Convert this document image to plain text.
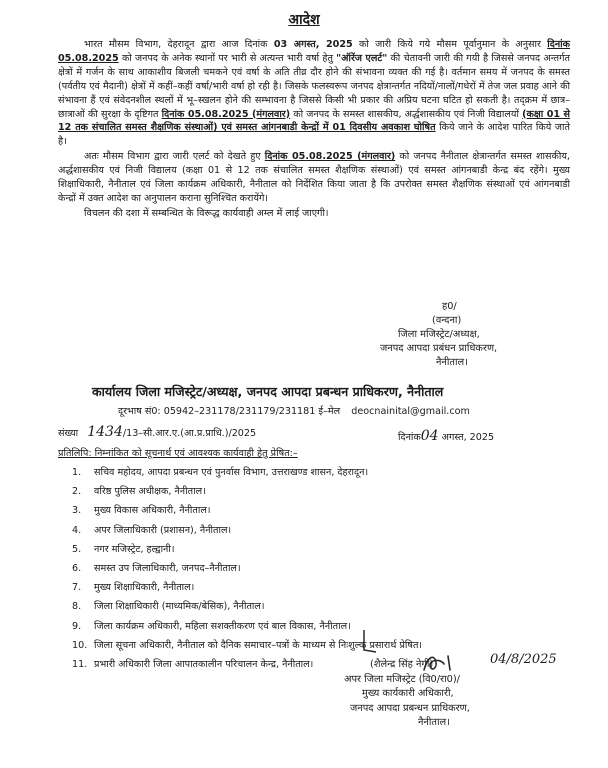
आदेश

भारत मौसम विभाग, देहरादून द्वारा आज दिनांक 03 अगस्त, 2025 को जारी किये गये मौसम पूर्वानुमान के अनुसार दिनांक 05.08.2025 को जनपद के अनेक स्थानों पर भारी से अत्यन्त भारी वर्षा हेतु "ऑरेंज एलर्ट" की चेतावनी जारी की गयी है जिससे जनपद अन्तर्गत क्षेत्रों में गर्जन के साथ आकाशीय बिजली चमकने एवं वर्षा के अति तीव्र दौर होने की संभावना व्यक्त की गई है। वर्तमान समय में जनपद के समस्त (पर्वतीय एवं मैदानी) क्षेत्रों में कहीं–कहीं वर्षा/भारी वर्षा हो रही है। जिसके फलस्वरूप जनपद क्षेत्रान्तर्गत नदियों/नालों/गधेरों में तेज जल प्रवाह आने की संभावना हैं एवं संवेदनशील स्थलों में भू–स्खलन होने की सम्भावना है जिससे किसी भी प्रकार की अप्रिय घटना घटित हो सकती है। तद्क्रम में छात्र–छात्राओं की सुरक्षा के दृष्टिगत दिनांक 05.08.2025 (मंगलवार) को जनपद के समस्त शासकीय, अर्द्धशासकीय एवं निजी विद्यालयों (कक्षा 01 से 12 तक संचालित समस्त शैक्षणिक संस्थाओं) एवं समस्त आंगनबाडी केन्द्रों में 01 दिवसीय अवकाश घोषित किये जाने के आदेश पारित किये जाते है।

अतः मौसम विभाग द्वारा जारी एलर्ट को देखते हुए दिनांक 05.08.2025 (मंगलवार) को जनपद नैनीताल क्षेत्रान्तर्गत समस्त शासकीय, अर्द्धशासकीय एवं निजी विद्यालय (कक्षा 01 से 12 तक संचालित समस्त शैक्षणिक संस्थाओं) एवं समस्त आंगनबाडी केन्द्र बंद रहेंगे। मुख्य शिक्षाधिकारी, नैनीताल एवं जिला कार्यक्रम अधिकारी, नैनीताल को निर्देशित किया जाता है कि उपरोक्त समस्त शैक्षणिक संस्थाओं एवं आंगनबाडी केन्द्रों में उक्त आदेश का अनुपालन कराना सुनिश्चित करायेंगे।

विचलन की दशा में सम्बन्धित के विरूद्ध कार्यवाही अम्ल में लाई जाएगी।

ह0/
(वन्दना)
जिला मजिस्ट्रेट/अध्यक्ष,
जनपद आपदा प्रबंधन प्राधिकरण,
नैनीताल।
कार्यालय जिला मजिस्ट्रेट/अध्यक्ष, जनपद आपदा प्रबन्धन प्राधिकरण, नैनीताल
दूरभाष सं0: 05942–231178/231179/231181 ई–मेल deocnainital@gmail.com
संख्या 1434/13–सी.आर.ए.(आ.प्र.प्राधि.)/2025	दिनांक04 अगस्त, 2025
प्रतिलिपि: निम्नांकित को सूचनार्थ एवं आवश्यक कार्यवाही हेतु प्रेषित:–
1. सचिव महोदय, आपदा प्रबन्धन एवं पुनर्वास विभाग, उत्तराखण्ड शासन, देहरादून।
2. वरिष्ठ पुलिस अधीक्षक, नैनीताल।
3. मुख्य विकास अधिकारी, नैनीताल।
4. अपर जिलाधिकारी (प्रशासन), नैनीताल।
5. नगर मजिस्ट्रेट, हल्द्वानी।
6. समस्त उप जिलाधिकारी, जनपद–नैनीताल।
7. मुख्य शिक्षाधिकारी, नैनीताल।
8. जिला शिक्षाधिकारी (माध्यमिक/बेसिक), नैनीताल।
9. जिला कार्यक्रम अधिकारी, महिला सशक्तीकरण एवं बाल विकास, नैनीताल।
10. जिला सूचना अधिकारी, नैनीताल को दैनिक समाचार–पत्रों के माध्यम से निःशुल्क प्रसारार्थ प्रेषित।
11. प्रभारी अधिकारी जिला आपातकालीन परिचालन केन्द्र, नैनीताल।	04/8/2025
(शैलेन्द्र सिंह नेगी)
अपर जिला मजिस्ट्रेट (वि0/रा0)/
मुख्य कार्यकारी अधिकारी,
जनपद आपदा प्रबन्धन प्राधिकरण,
नैनीताल।
